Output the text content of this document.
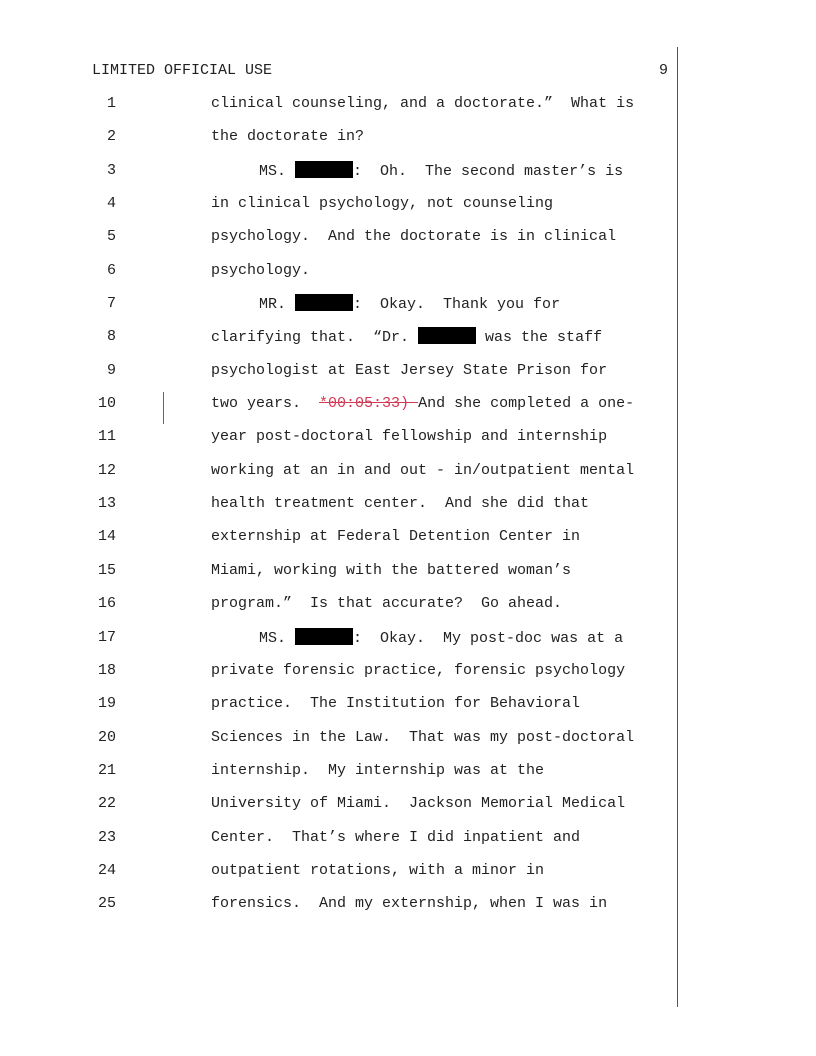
LIMITED OFFICIAL USE	9
1	clinical counseling, and a doctorate.”  What is
2	the doctorate in?
3	MS.	:  Oh.  The second master’s is
4	in clinical psychology, not counseling
5	psychology.  And the doctorate is in clinical
6	psychology.
7	MR.	:  Okay.  Thank you for
8	clarifying that.  “Dr.	was the staff
9	psychologist at East Jersey State Prison for
10	two years.  *00:05:33) And she completed a one-
11	year post-doctoral fellowship and internship
12	working at an in and out - in/outpatient mental
13	health treatment center.  And she did that
14	externship at Federal Detention Center in
15	Miami, working with the battered woman’s
16	program.”  Is that accurate?  Go ahead.
17	MS.	:  Okay.  My post-doc was at a
18	private forensic practice, forensic psychology
19	practice.  The Institution for Behavioral
20	Sciences in the Law.  That was my post-doctoral
21	internship.  My internship was at the
22	University of Miami.  Jackson Memorial Medical
23	Center.  That’s where I did inpatient and
24	outpatient rotations, with a minor in
25	forensics.  And my externship, when I was in
